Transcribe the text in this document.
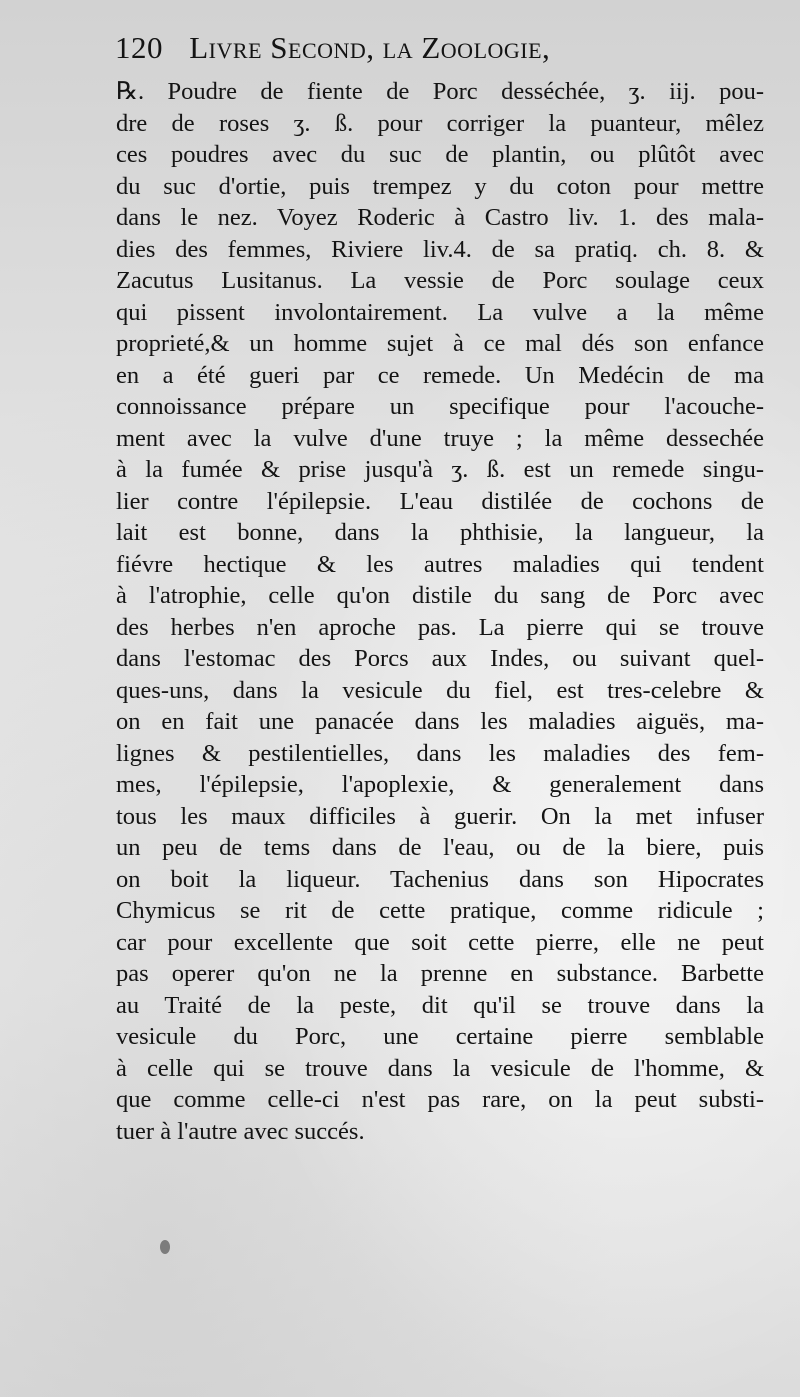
120 Livre Second, la Zoologie,
℞. Poudre de fiente de Porc desséchée, ʒ. iij. pou-
dre de roses ʒ. ß. pour corriger la puanteur, mêlez
ces poudres avec du suc de plantin, ou plûtôt avec
du suc d'ortie, puis trempez y du coton pour mettre
dans le nez. Voyez Roderic à Castro liv. 1. des mala-
dies des femmes, Riviere liv.4. de sa pratiq. ch. 8. &
Zacutus Lusitanus. La vessie de Porc soulage ceux
qui pissent involontairement. La vulve a la même
proprieté,& un homme sujet à ce mal dés son enfance
en a été gueri par ce remede. Un Medécin de ma
connoissance prépare un specifique pour l'acouche-
ment avec la vulve d'une truye ; la même dessechée
à la fumée & prise jusqu'à ʒ. ß. est un remede singu-
lier contre l'épilepsie. L'eau distilée de cochons de
lait est bonne, dans la phthisie, la langueur, la
fiévre hectique & les autres maladies qui tendent
à l'atrophie, celle qu'on distile du sang de Porc avec
des herbes n'en aproche pas. La pierre qui se trouve
dans l'estomac des Porcs aux Indes, ou suivant quel-
ques-uns, dans la vesicule du fiel, est tres-celebre &
on en fait une panacée dans les maladies aiguës, ma-
lignes & pestilentielles, dans les maladies des fem-
mes, l'épilepsie, l'apoplexie, & generalement dans
tous les maux difficiles à guerir. On la met infuser
un peu de tems dans de l'eau, ou de la biere, puis
on boit la liqueur. Tachenius dans son Hipocrates
Chymicus se rit de cette pratique, comme ridicule ;
car pour excellente que soit cette pierre, elle ne peut
pas operer qu'on ne la prenne en substance. Barbette
au Traité de la peste, dit qu'il se trouve dans la
vesicule du Porc, une certaine pierre semblable
à celle qui se trouve dans la vesicule de l'homme, &
que comme celle-ci n'est pas rare, on la peut substi-
tuer à l'autre avec succés.
